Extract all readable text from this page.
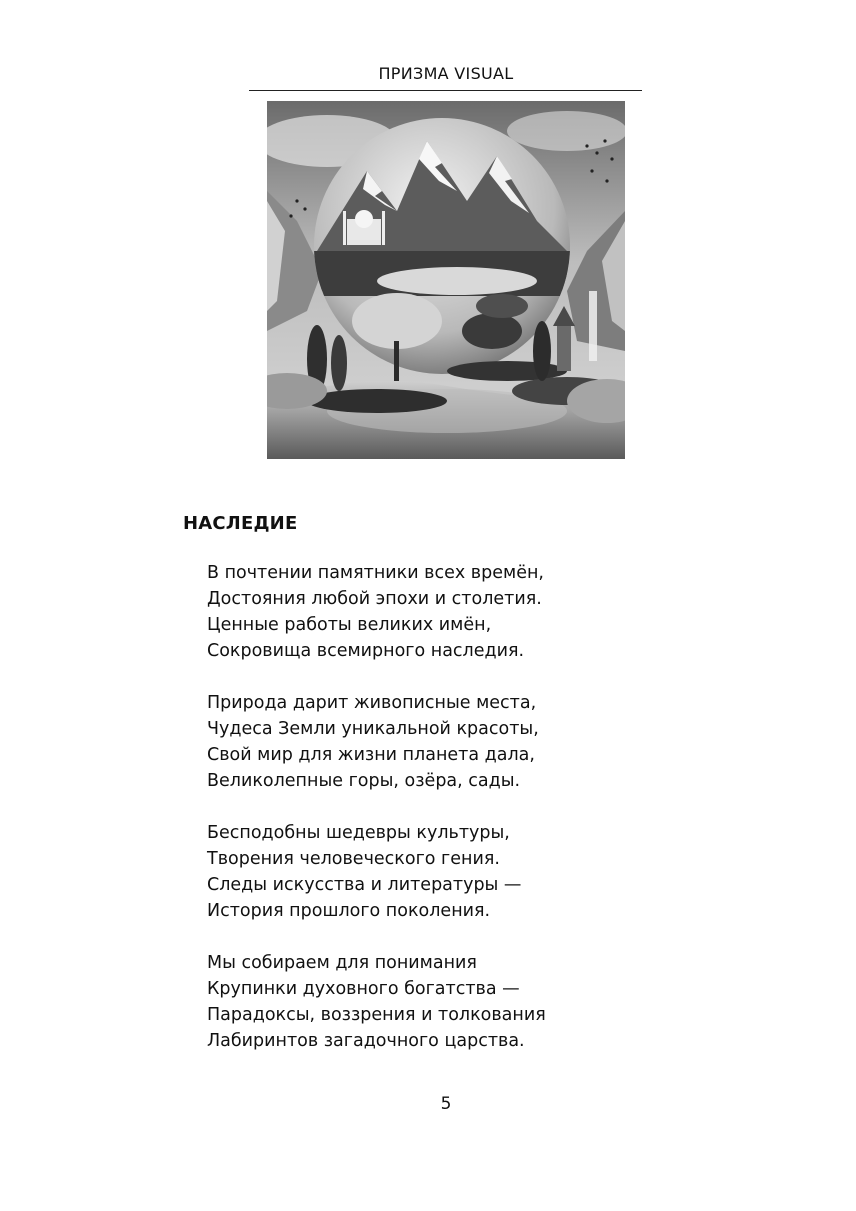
ПРИЗМА VISUAL
НАСЛЕДИЕ
В почтении памятники всех времён,
Достояния любой эпохи и столетия.
Ценные работы великих имён,
Сокровища всемирного наследия.
Природа дарит живописные места,
Чудеса Земли уникальной красоты,
Свой мир для жизни планета дала,
Великолепные горы, озёра, сады.
Бесподобны шедевры культуры,
Творения человеческого гения.
Следы искусства и литературы —
История прошлого поколения.
Мы собираем для понимания
Крупинки духовного богатства —
Парадоксы, воззрения и толкования
Лабиринтов загадочного царства.
5
